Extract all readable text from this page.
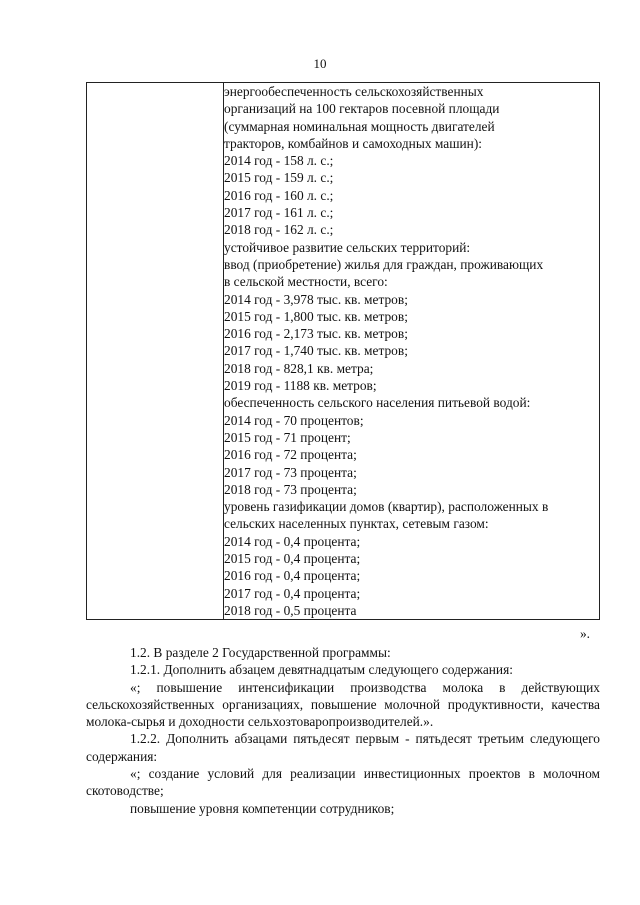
10

энергообеспеченность сельскохозяйственных
организаций на 100 гектаров посевной площади
(суммарная номинальная мощность двигателей
тракторов, комбайнов и самоходных машин):
2014 год - 158 л. с.;
2015 год - 159 л. с.;
2016 год - 160 л. с.;
2017 год - 161 л. с.;
2018 год - 162 л. с.;
устойчивое развитие сельских территорий:
ввод (приобретение) жилья для граждан, проживающих
в сельской местности, всего:
2014 год - 3,978 тыс. кв. метров;
2015 год - 1,800 тыс. кв. метров;
2016 год - 2,173 тыс. кв. метров;
2017 год - 1,740 тыс. кв. метров;
2018 год - 828,1 кв. метра;
2019 год - 1188 кв. метров;
обеспеченность сельского населения питьевой водой:
2014 год - 70 процентов;
2015 год - 71 процент;
2016 год - 72 процента;
2017 год - 73 процента;
2018 год - 73 процента;
уровень газификации домов (квартир), расположенных в
сельских населенных пунктах, сетевым газом:
2014 год - 0,4 процента;
2015 год - 0,4 процента;
2016 год - 0,4 процента;
2017 год - 0,4 процента;
2018 год - 0,5 процента
».
1.2. В разделе 2 Государственной программы:
1.2.1. Дополнить абзацем девятнадцатым следующего содержания:
«; повышение интенсификации производства молока в действующих сельскохозяйственных организациях, повышение молочной продуктивности, качества молока-сырья и доходности сельхозтоваропроизводителей.».
1.2.2. Дополнить абзацами пятьдесят первым - пятьдесят третьим следующего содержания:
«; создание условий для реализации инвестиционных проектов в молочном скотоводстве;
повышение уровня компетенции сотрудников;
